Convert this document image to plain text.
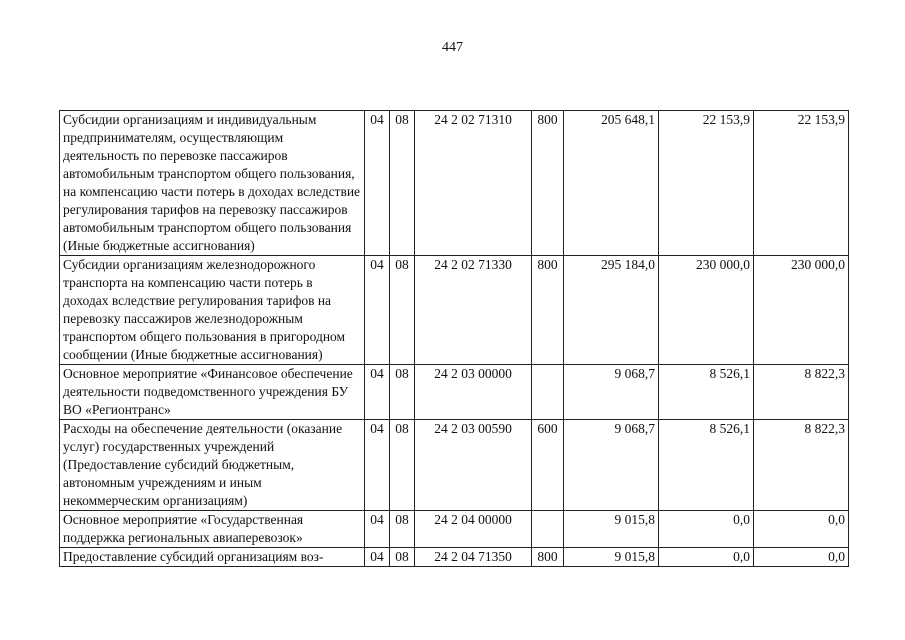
447
Субсидии организациям и индивидуальным предпринимателям, осуществляющим деятельность по перевозке пассажиров автомобильным транспортом общего пользования, на компенсацию части потерь в доходах вследствие регулирования тарифов на перевозку пассажиров автомобильным транспортом общего пользования (Иные бюджетные ассигнования)	04	08	24 2 02 71310	800	205 648,1	22 153,9	22 153,9
Субсидии организациям железнодорожного транспорта на компенсацию части потерь в доходах вследствие регулирования тарифов на перевозку пассажиров железнодорожным транспортом общего пользования в пригородном сообщении (Иные бюджетные ассигнования)	04	08	24 2 02 71330	800	295 184,0	230 000,0	230 000,0
Основное мероприятие «Финансовое обеспечение деятельности подведомственного учреждения БУ ВО «Регионтранс»	04	08	24 2 03 00000		9 068,7	8 526,1	8 822,3
Расходы на обеспечение деятельности (оказание услуг) государственных учреждений (Предоставление субсидий бюджетным, автономным учреждениям и иным некоммерческим организациям)	04	08	24 2 03 00590	600	9 068,7	8 526,1	8 822,3
Основное мероприятие «Государственная поддержка региональных авиаперевозок»	04	08	24 2 04 00000		9 015,8	0,0	0,0
Предоставление субсидий организациям воз-	04	08	24 2 04 71350	800	9 015,8	0,0	0,0
